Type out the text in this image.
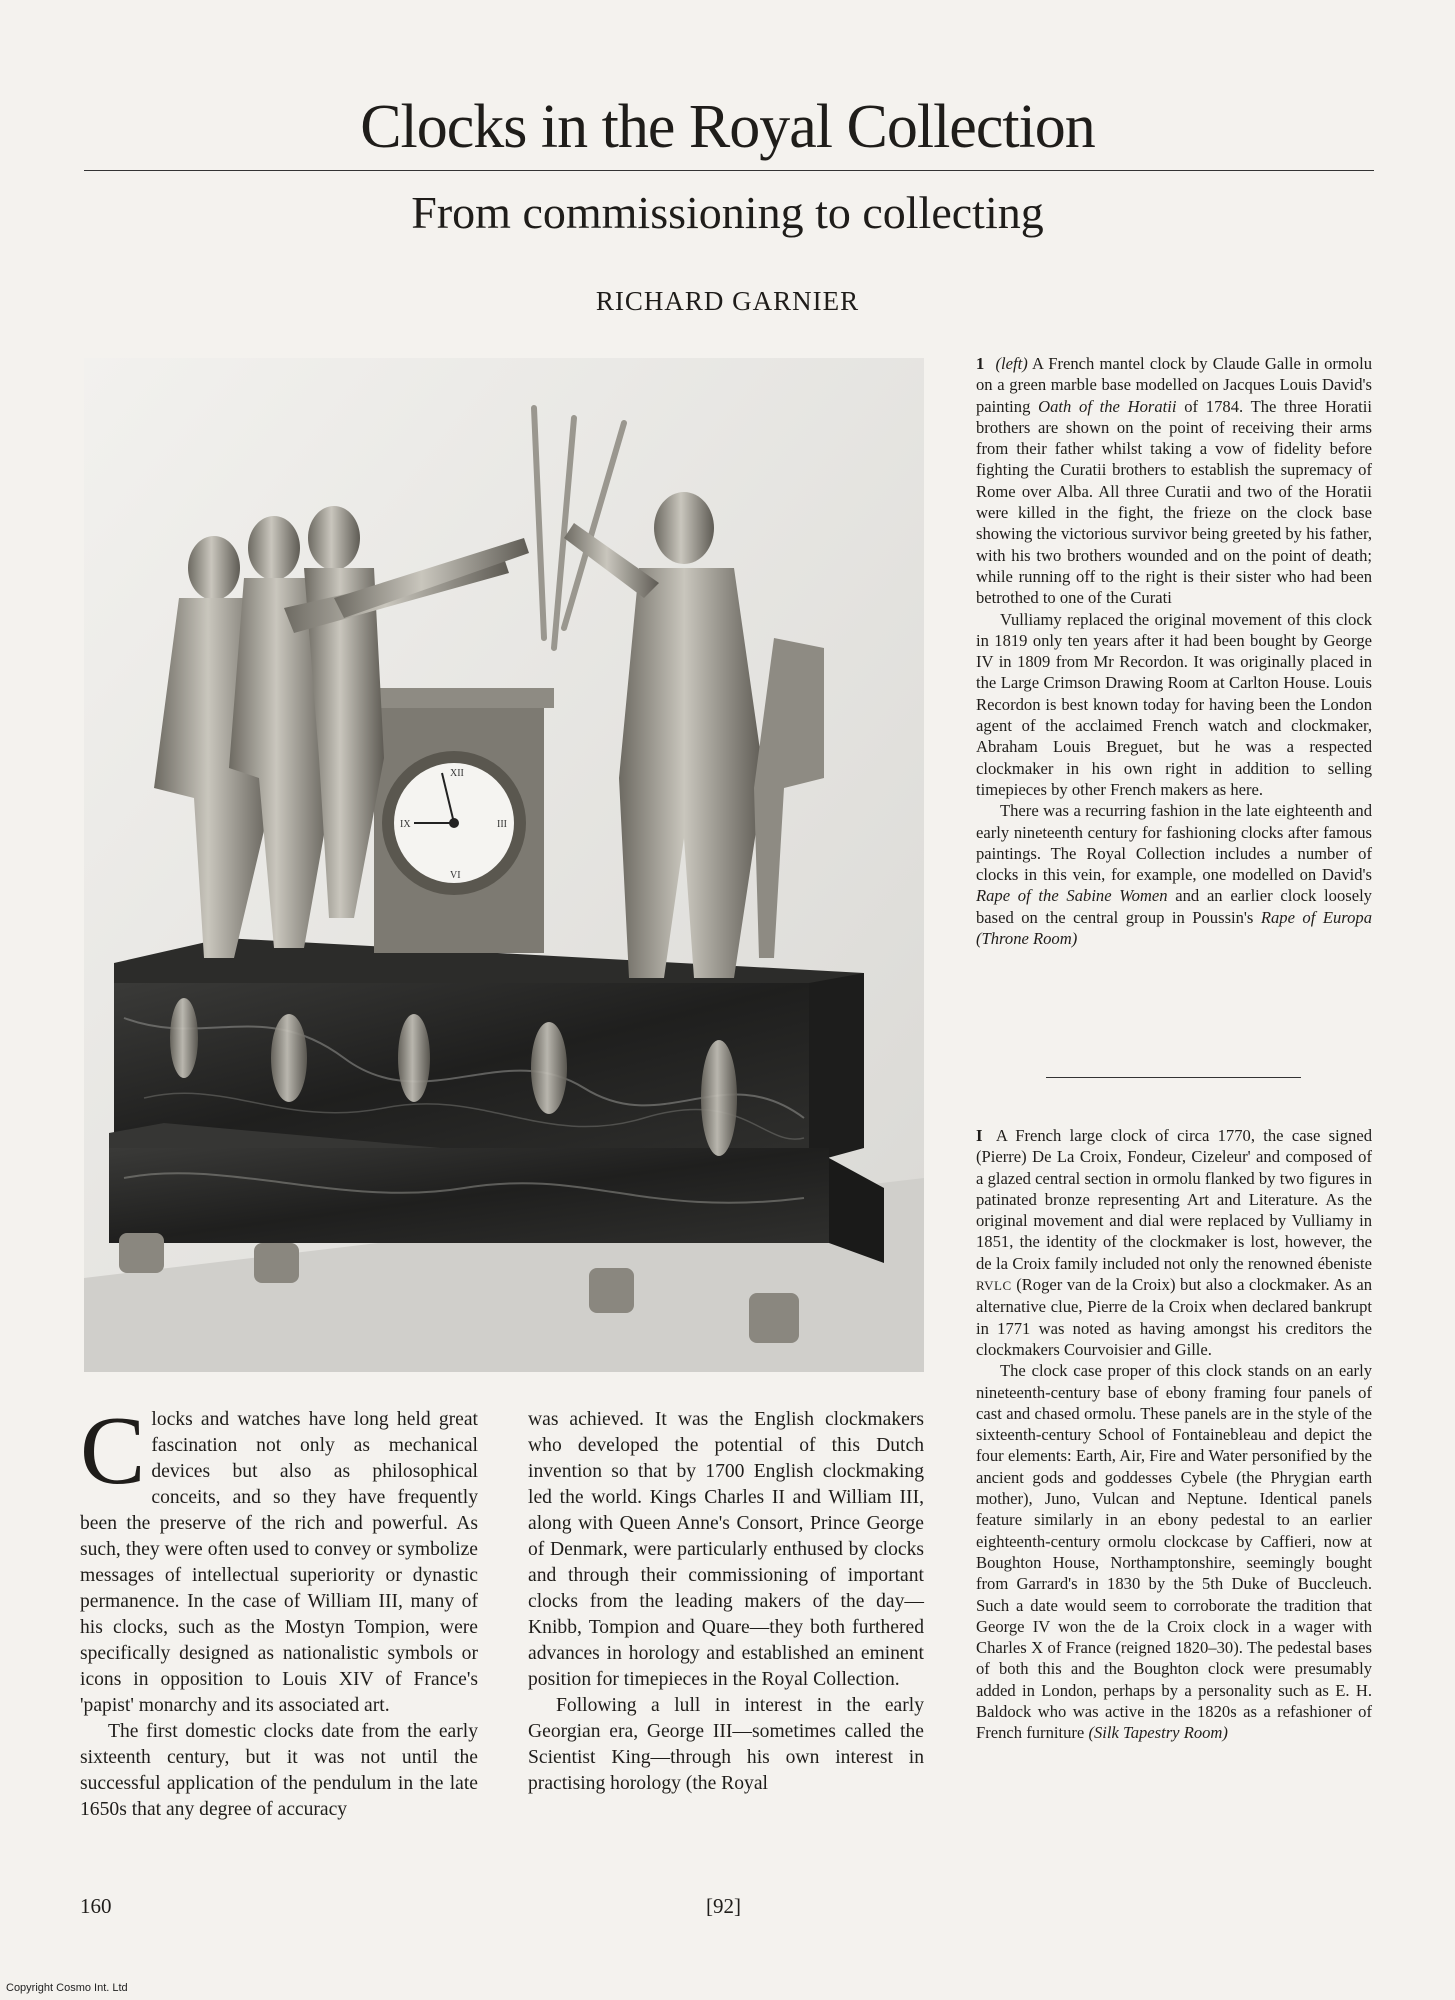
Clocks in the Royal Collection
From commissioning to collecting
RICHARD GARNIER
XII
III
VI
IX

1 (left) A French mantel clock by Claude Galle in ormolu on a green marble base modelled on Jacques Louis David's painting Oath of the Horatii of 1784. The three Horatii brothers are shown on the point of receiving their arms from their father whilst taking a vow of fidelity before fighting the Curatii brothers to establish the supremacy of Rome over Alba. All three Curatii and two of the Horatii were killed in the fight, the frieze on the clock base showing the victorious survivor being greeted by his father, with his two brothers wounded and on the point of death; while running off to the right is their sister who had been betrothed to one of the Curati

Vulliamy replaced the original movement of this clock in 1819 only ten years after it had been bought by George IV in 1809 from Mr Recordon. It was originally placed in the Large Crimson Drawing Room at Carlton House. Louis Recordon is best known today for having been the London agent of the acclaimed French watch and clockmaker, Abraham Louis Breguet, but he was a respected clockmaker in his own right in addition to selling timepieces by other French makers as here.

There was a recurring fashion in the late eighteenth and early nineteenth century for fashioning clocks after famous paintings. The Royal Collection includes a number of clocks in this vein, for example, one modelled on David's Rape of the Sabine Women and an earlier clock loosely based on the central group in Poussin's Rape of Europa (Throne Room)

I A French large clock of circa 1770, the case signed (Pierre) De La Croix, Fondeur, Cizeleur' and composed of a glazed central section in ormolu flanked by two figures in patinated bronze representing Art and Literature. As the original movement and dial were replaced by Vulliamy in 1851, the identity of the clockmaker is lost, however, the de la Croix family included not only the renowned ébeniste RVLC (Roger van de la Croix) but also a clockmaker. As an alternative clue, Pierre de la Croix when declared bankrupt in 1771 was noted as having amongst his creditors the clockmakers Courvoisier and Gille.

The clock case proper of this clock stands on an early nineteenth-century base of ebony framing four panels of cast and chased ormolu. These panels are in the style of the sixteenth-century School of Fontainebleau and depict the four elements: Earth, Air, Fire and Water personified by the ancient gods and goddesses Cybele (the Phrygian earth mother), Juno, Vulcan and Neptune. Identical panels feature similarly in an ebony pedestal to an earlier eighteenth-century ormolu clockcase by Caffieri, now at Boughton House, Northamptonshire, seemingly bought from Garrard's in 1830 by the 5th Duke of Buccleuch. Such a date would seem to corroborate the tradition that George IV won the de la Croix clock in a wager with Charles X of France (reigned 1820–30). The pedestal bases of both this and the Boughton clock were presumably added in London, perhaps by a personality such as E. H. Baldock who was active in the 1820s as a refashioner of French furniture (Silk Tapestry Room)

Clocks and watches have long held great fascination not only as mechanical devices but also as philosophical conceits, and so they have frequently been the preserve of the rich and powerful. As such, they were often used to convey or symbolize messages of intellectual superiority or dynastic permanence. In the case of William III, many of his clocks, such as the Mostyn Tompion, were specifically designed as nationalistic symbols or icons in opposition to Louis XIV of France's 'papist' monarchy and its associated art.

The first domestic clocks date from the early sixteenth century, but it was not until the successful application of the pendulum in the late 1650s that any degree of accuracy

was achieved. It was the English clockmakers who developed the potential of this Dutch invention so that by 1700 English clockmaking led the world. Kings Charles II and William III, along with Queen Anne's Consort, Prince George of Denmark, were particularly enthused by clocks and through their commissioning of important clocks from the leading makers of the day—Knibb, Tompion and Quare—they both furthered advances in horology and established an eminent position for timepieces in the Royal Collection.

Following a lull in interest in the early Georgian era, George III—sometimes called the Scientist King—through his own interest in practising horology (the Royal

160	[92]
Copyright Cosmo Int. Ltd
